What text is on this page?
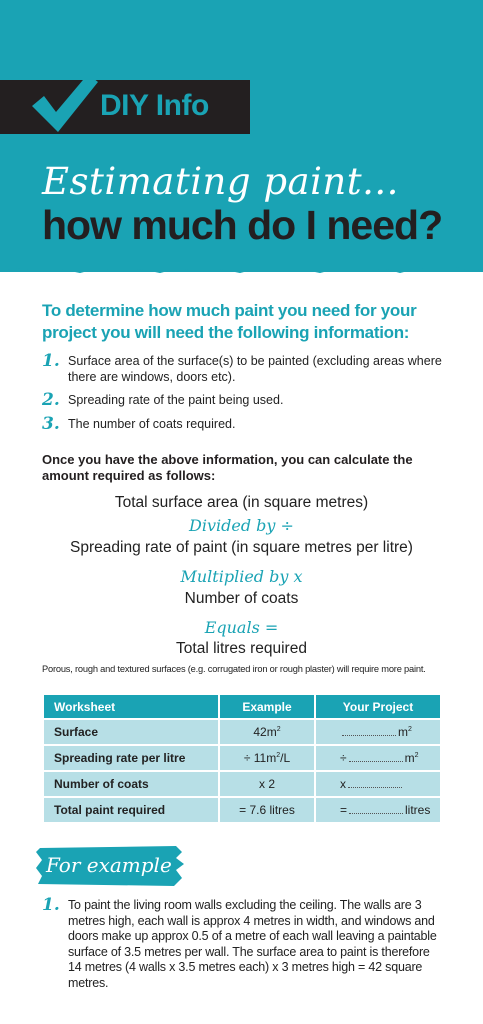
DIY Info
Estimating paint...
how much do I need?
To determine how much paint you need for your project you will need the following information:
1. Surface area of the surface(s) to be painted (excluding areas where there are windows, doors etc).
2. Spreading rate of the paint being used.
3. The number of coats required.
Once you have the above information, you can calculate the amount required as follows:
Total surface area (in square metres)
Divided by ÷
Spreading rate of paint (in square metres per litre)
Multiplied by x
Number of coats
Equals =
Total litres required
Porous, rough and textured surfaces (e.g. corrugated iron or rough plaster) will require more paint.
Worksheet	Example	Your Project
Surface	$42m^2$	$m^2$
Spreading rate per litre	÷ $11m^2/L$	÷ $m^2$
Number of coats	x 2	x
Total paint required	= 7.6 litres	= litres
For example
1. To paint the living room walls excluding the ceiling. The walls are 3 metres high, each wall is approx 4 metres in width, and windows and doors make up approx 0.5 of a metre of each wall leaving a paintable surface of 3.5 metres per wall. The surface area to paint is therefore 14 metres (4 walls x 3.5 metres each) x 3 metres high = 42 square metres.
